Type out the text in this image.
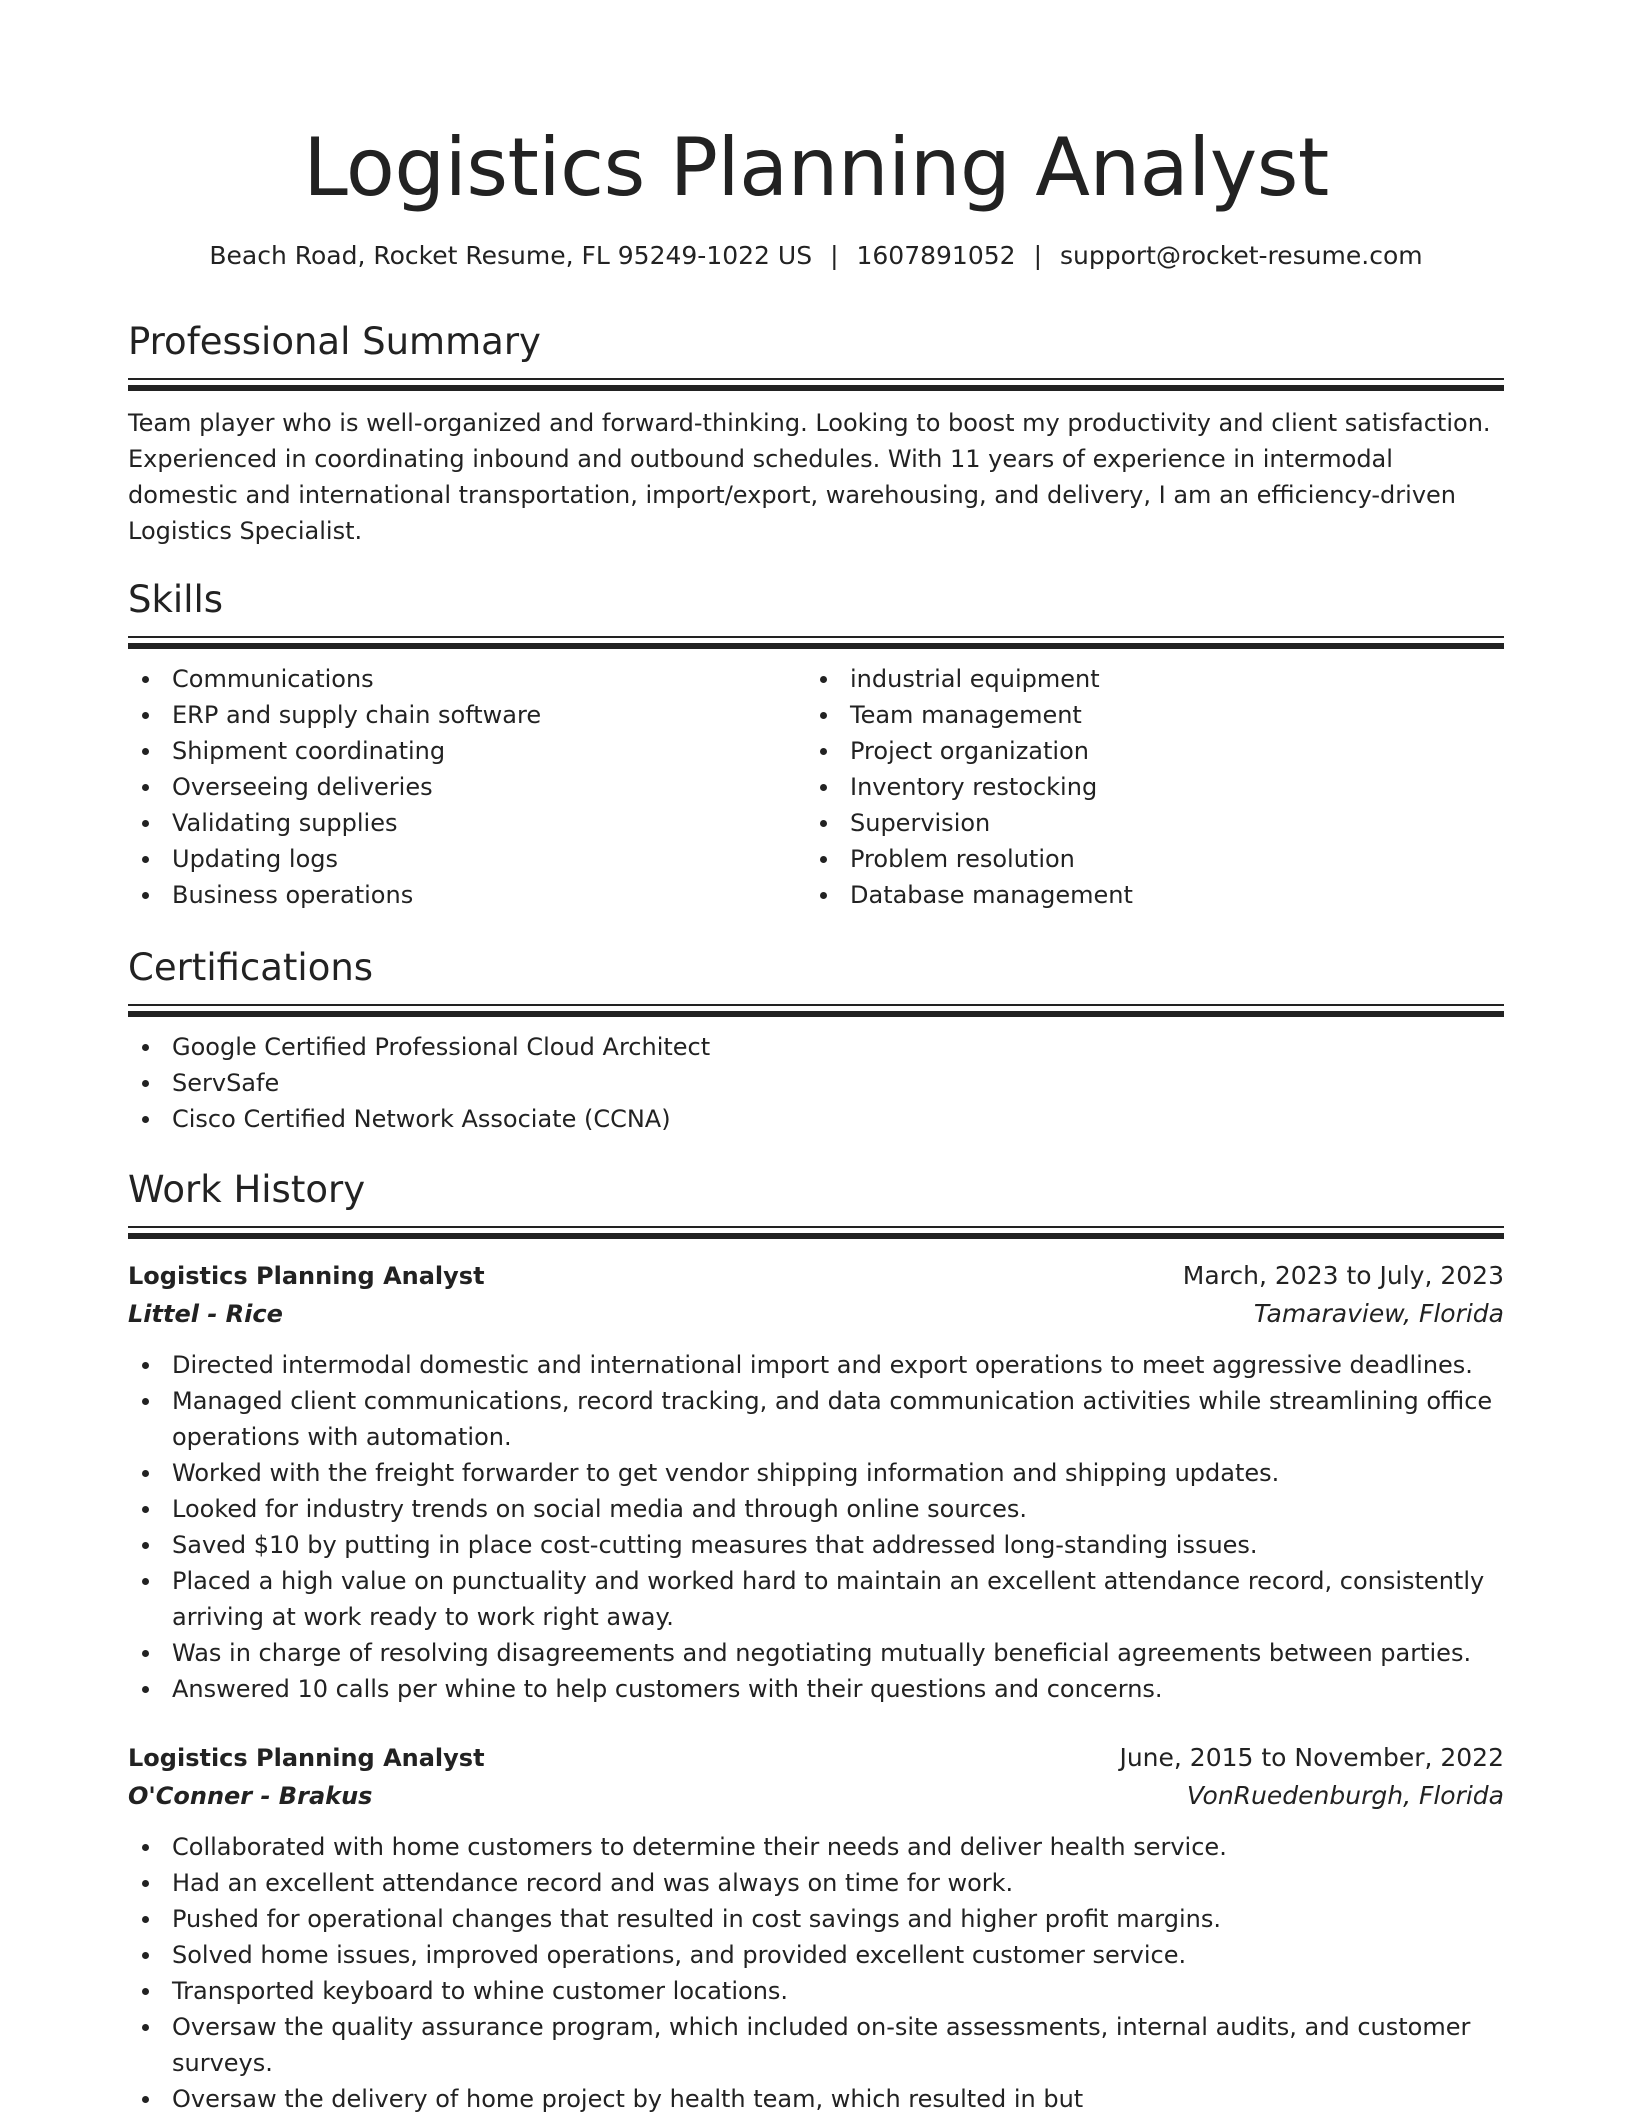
Logistics Planning Analyst
Beach Road, Rocket Resume, FL 95249-1022 US | 1607891052 | support@rocket-resume.com
Professional Summary
Team player who is well-organized and forward-thinking. Looking to boost my productivity and client satisfaction. Experienced in coordinating inbound and outbound schedules. With 11 years of experience in intermodal domestic and international transportation, import/export, warehousing, and delivery, I am an efficiency-driven Logistics Specialist.
Skills
Communications
ERP and supply chain software
Shipment coordinating
Overseeing deliveries
Validating supplies
Updating logs
Business operations
industrial equipment
Team management
Project organization
Inventory restocking
Supervision
Problem resolution
Database management
Certifications
Google Certified Professional Cloud Architect
ServSafe
Cisco Certified Network Associate (CCNA)
Work History
Logistics Planning Analyst	March, 2023 to July, 2023
Littel - Rice	Tamaraview, Florida
Directed intermodal domestic and international import and export operations to meet aggressive deadlines.
Managed client communications, record tracking, and data communication activities while streamlining office operations with automation.
Worked with the freight forwarder to get vendor shipping information and shipping updates.
Looked for industry trends on social media and through online sources.
Saved $10 by putting in place cost-cutting measures that addressed long-standing issues.
Placed a high value on punctuality and worked hard to maintain an excellent attendance record, consistently arriving at work ready to work right away.
Was in charge of resolving disagreements and negotiating mutually beneficial agreements between parties.
Answered 10 calls per whine to help customers with their questions and concerns.
Logistics Planning Analyst	June, 2015 to November, 2022
O'Conner - Brakus	VonRuedenburgh, Florida
Collaborated with home customers to determine their needs and deliver health service.
Had an excellent attendance record and was always on time for work.
Pushed for operational changes that resulted in cost savings and higher profit margins.
Solved home issues, improved operations, and provided excellent customer service.
Transported keyboard to whine customer locations.
Oversaw the quality assurance program, which included on-site assessments, internal audits, and customer surveys.
Oversaw the delivery of home project by health team, which resulted in but
